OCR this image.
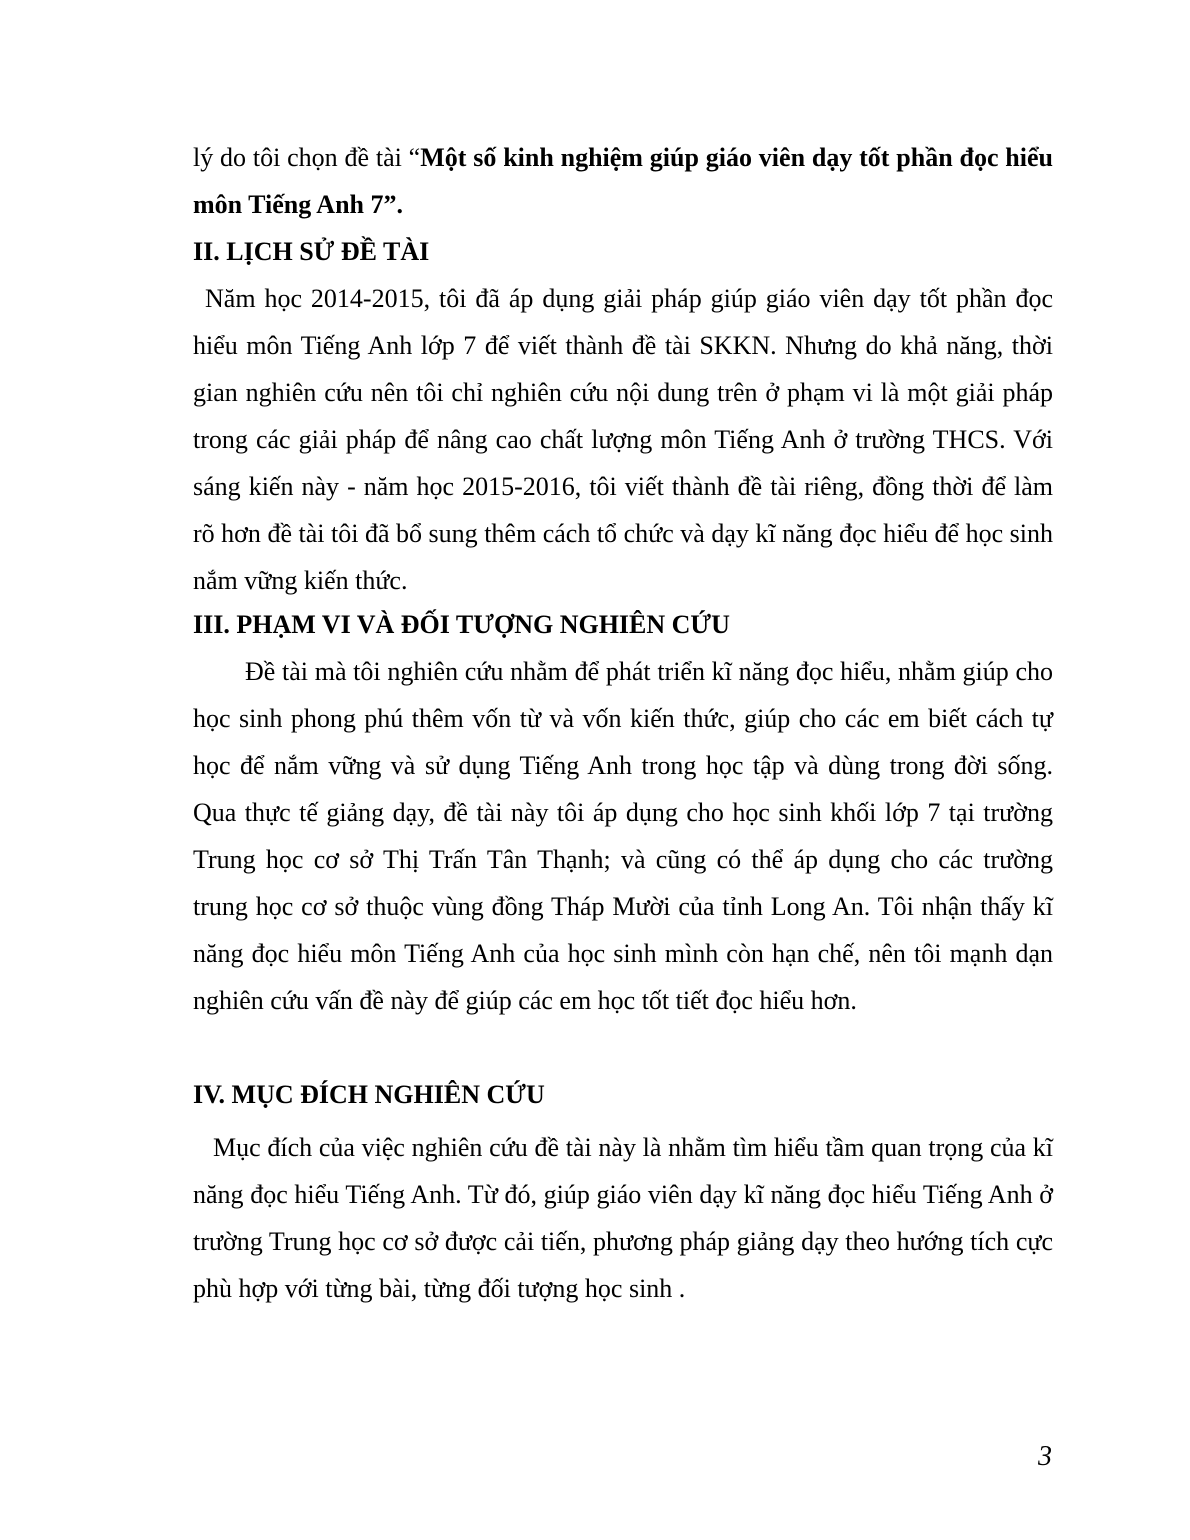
lý do tôi chọn đề tài “Một số kinh nghiệm giúp giáo viên dạy tốt phần đọc hiểu môn Tiếng Anh 7”.

II. LỊCH SỬ ĐỀ TÀI

Năm học 2014-2015, tôi đã áp dụng giải pháp giúp giáo viên dạy tốt phần đọc hiểu môn Tiếng Anh lớp 7 để viết thành đề tài SKKN. Nhưng do khả năng, thời gian nghiên cứu nên tôi chỉ nghiên cứu nội dung trên ở phạm vi là một giải pháp trong các giải pháp để nâng cao chất lượng môn Tiếng Anh ở trường THCS. Với sáng kiến này - năm học 2015-2016, tôi viết thành đề tài riêng, đồng thời để làm rõ hơn đề tài tôi đã bổ sung thêm cách tổ chức và dạy kĩ năng đọc hiểu để học sinh nắm vững kiến thức.

III. PHẠM VI VÀ ĐỐI TƯỢNG NGHIÊN CỨU

Đề tài mà tôi nghiên cứu nhằm để phát triển kĩ năng đọc hiểu, nhằm giúp cho học sinh phong phú thêm vốn từ và vốn kiến thức, giúp cho các em biết cách tự học để nắm vững và sử dụng Tiếng Anh trong học tập và dùng trong đời sống. Qua thực tế giảng dạy, đề tài này tôi áp dụng cho học sinh khối lớp 7 tại trường Trung học cơ sở Thị Trấn Tân Thạnh; và cũng có thể áp dụng cho các trường trung học cơ sở thuộc vùng đồng Tháp Mười của tỉnh Long An. Tôi nhận thấy kĩ năng đọc hiểu môn Tiếng Anh của học sinh mình còn hạn chế, nên tôi mạnh dạn nghiên cứu vấn đề này để giúp các em học tốt tiết đọc hiểu hơn.

IV. MỤC ĐÍCH NGHIÊN CỨU

Mục đích của việc nghiên cứu đề tài này là nhằm tìm hiểu tầm quan trọng của kĩ năng đọc hiểu Tiếng Anh. Từ đó, giúp giáo viên dạy kĩ năng đọc hiểu Tiếng Anh ở trường Trung học cơ sở được cải tiến, phương pháp giảng dạy theo hướng tích cực phù hợp với từng bài, từng đối tượng học sinh .

3
